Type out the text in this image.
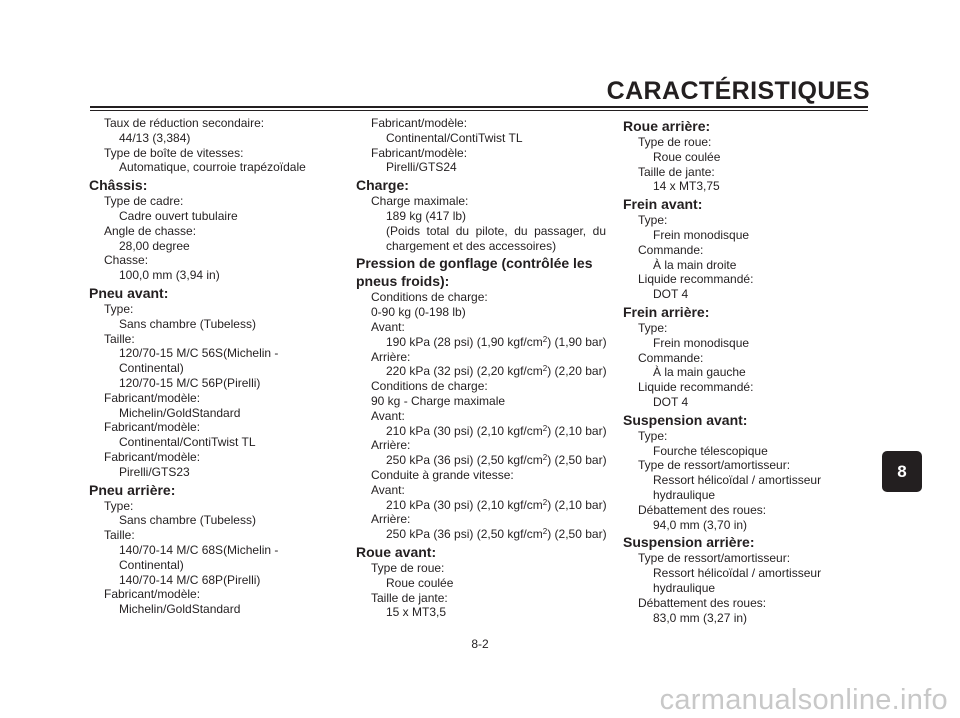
CARACTÉRISTIQUES
Taux de réduction secondaire:
44/13 (3,384)
Type de boîte de vitesses:
Automatique, courroie trapézoïdale
Châssis:
Type de cadre:
Cadre ouvert tubulaire
Angle de chasse:
28,00 degree
Chasse:
100,0 mm (3,94 in)
Pneu avant:
Type:
Sans chambre (Tubeless)
Taille:
120/70-15 M/C 56S(Michelin -
Continental)
120/70-15 M/C 56P(Pirelli)
Fabricant/modèle:
Michelin/GoldStandard
Fabricant/modèle:
Continental/ContiTwist TL
Fabricant/modèle:
Pirelli/GTS23
Pneu arrière:
Type:
Sans chambre (Tubeless)
Taille:
140/70-14 M/C 68S(Michelin -
Continental)
140/70-14 M/C 68P(Pirelli)
Fabricant/modèle:
Michelin/GoldStandard
Fabricant/modèle:
Continental/ContiTwist TL
Fabricant/modèle:
Pirelli/GTS24
Charge:
Charge maximale:
189 kg (417 lb)
(Poids total du pilote, du passager, du chargement et des accessoires)
Pression de gonflage (contrôlée les pneus froids):
Conditions de charge:
0-90 kg (0-198 lb)
Avant:
190 kPa (28 psi) (1,90 kgf/$cm^2$) (1,90 bar)
Arrière:
220 kPa (32 psi) (2,20 kgf/$cm^2$) (2,20 bar)
Conditions de charge:
90 kg - Charge maximale
Avant:
210 kPa (30 psi) (2,10 kgf/$cm^2$) (2,10 bar)
Arrière:
250 kPa (36 psi) (2,50 kgf/$cm^2$) (2,50 bar)
Conduite à grande vitesse:
Avant:
210 kPa (30 psi) (2,10 kgf/$cm^2$) (2,10 bar)
Arrière:
250 kPa (36 psi) (2,50 kgf/$cm^2$) (2,50 bar)
Roue avant:
Type de roue:
Roue coulée
Taille de jante:
15 x MT3,5
Roue arrière:
Type de roue:
Roue coulée
Taille de jante:
14 x MT3,75
Frein avant:
Type:
Frein monodisque
Commande:
À la main droite
Liquide recommandé:
DOT 4
Frein arrière:
Type:
Frein monodisque
Commande:
À la main gauche
Liquide recommandé:
DOT 4
Suspension avant:
Type:
Fourche télescopique
Type de ressort/amortisseur:
Ressort hélicoïdal / amortisseur
hydraulique
Débattement des roues:
94,0 mm (3,70 in)
Suspension arrière:
Type de ressort/amortisseur:
Ressort hélicoïdal / amortisseur
hydraulique
Débattement des roues:
83,0 mm (3,27 in)
8
8-2
carmanualsonline.info
